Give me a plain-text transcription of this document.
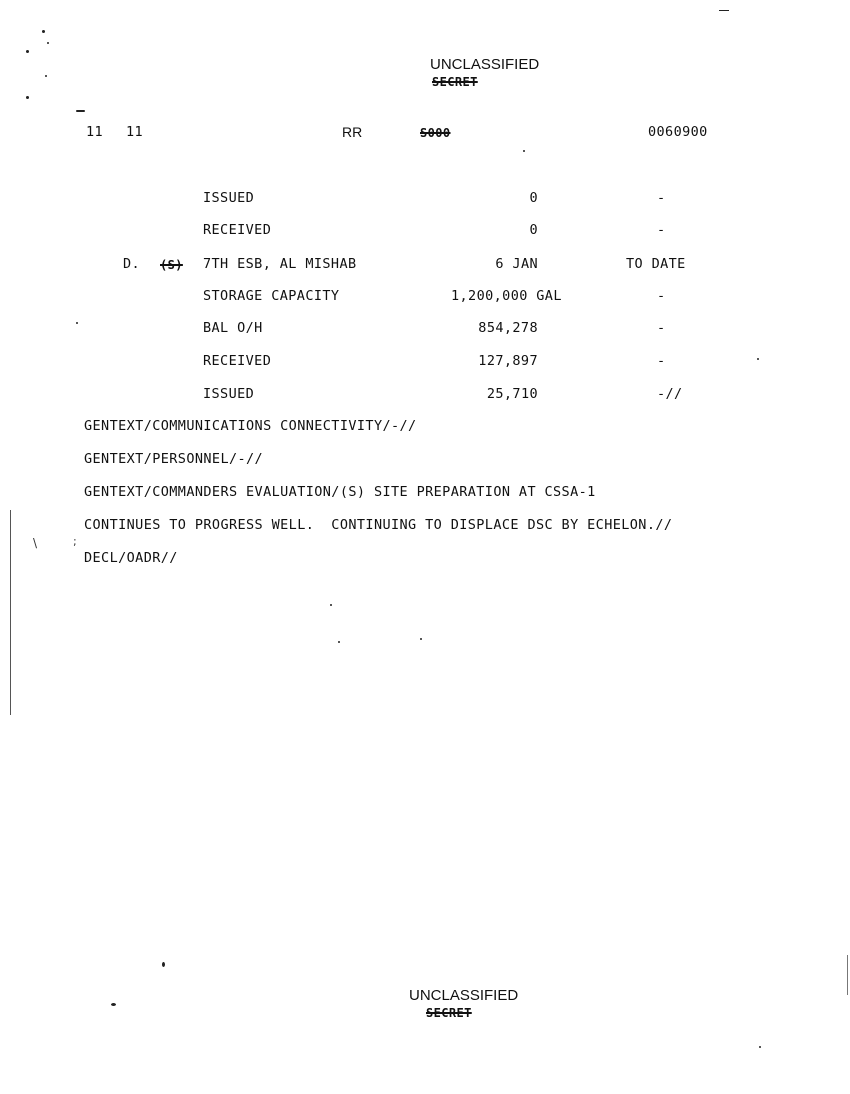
UNCLASSIFIED
SECRET
11 11	RR	S000	0060900
ISSUED	0	-
RECEIVED	0	-
D. (S) 7TH ESB, AL MISHAB	6 JAN	TO DATE
STORAGE CAPACITY	1,200,000 GAL	-
BAL O/H	854,278	-
RECEIVED	127,897	-
ISSUED	25,710	-//
GENTEXT/COMMUNICATIONS CONNECTIVITY/-//
GENTEXT/PERSONNEL/-//
GENTEXT/COMMANDERS EVALUATION/(S) SITE PREPARATION AT CSSA-1
CONTINUES TO PROGRESS WELL.  CONTINUING TO DISPLACE DSC BY ECHELON.//
DECL/OADR//
UNCLASSIFIED
SECRET
\	;
